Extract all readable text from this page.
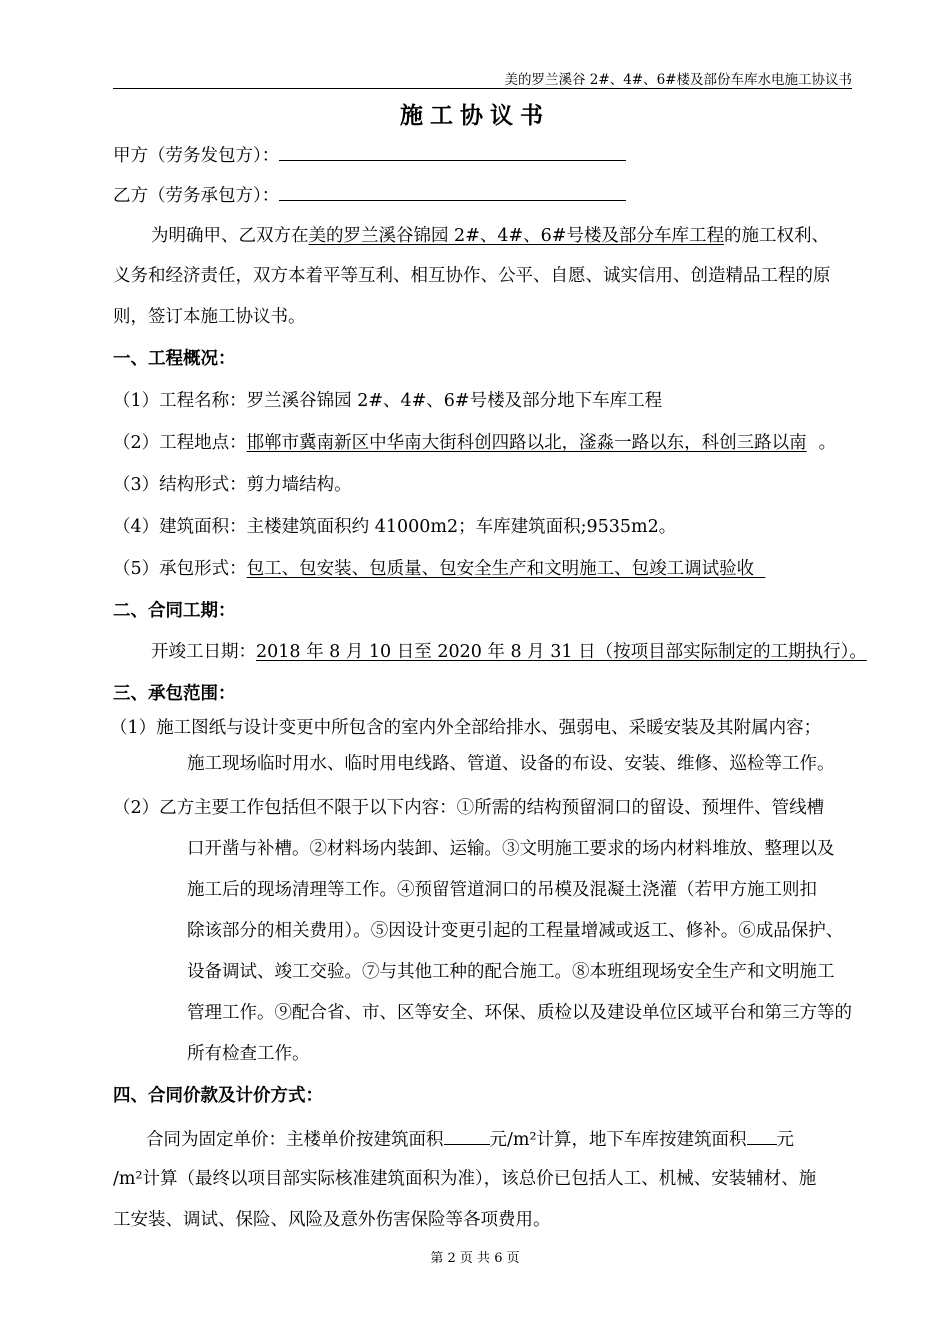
美的罗兰溪谷 2#、4#、6#楼及部份车库水电施工协议书
施工协议书
甲方（劳务发包方）：
乙方（劳务承包方）：
为明确甲、乙双方在美的罗兰溪谷锦园 2#、4#、6#号楼及部分车库工程的施工权利、
义务和经济责任，双方本着平等互利、相互协作、公平、自愿、诚实信用、创造精品工程的原
则，签订本施工协议书。
一、工程概况：
（1）工程名称：罗兰溪谷锦园 2#、4#、6#号楼及部分地下车库工程
（2）工程地点：邯郸市冀南新区中华南大街科创四路以北，滏淼一路以东，科创三路以南 。
（3）结构形式：剪力墙结构。
（4）建筑面积：主楼建筑面积约 41000m2；车库建筑面积;9535m2。
（5）承包形式：包工、包安装、包质量、包安全生产和文明施工、包竣工调试验收
二、合同工期：
开竣工日期：2018 年 8 月 10 日至 2020 年 8 月 31 日（按项目部实际制定的工期执行）。
三、承包范围：
（1）施工图纸与设计变更中所包含的室内外全部给排水、强弱电、采暖安装及其附属内容；
施工现场临时用水、临时用电线路、管道、设备的布设、安装、维修、巡检等工作。
（2）乙方主要工作包括但不限于以下内容：①所需的结构预留洞口的留设、预埋件、管线槽
口开凿与补槽。②材料场内装卸、运输。③文明施工要求的场内材料堆放、整理以及
施工后的现场清理等工作。④预留管道洞口的吊模及混凝土浇灌（若甲方施工则扣
除该部分的相关费用）。⑤因设计变更引起的工程量增减或返工、修补。⑥成品保护、
设备调试、竣工交验。⑦与其他工种的配合施工。⑧本班组现场安全生产和文明施工
管理工作。⑨配合省、市、区等安全、环保、质检以及建设单位区域平台和第三方等的
所有检查工作。
四、合同价款及计价方式：
合同为固定单价：主楼单价按建筑面积	元/m²计算，地下车库按建筑面积 元
/m²计算（最终以项目部实际核准建筑面积为准），该总价已包括人工、机械、安装辅材、施
工安装、调试、保险、风险及意外伤害保险等各项费用。
第 2 页 共 6 页
